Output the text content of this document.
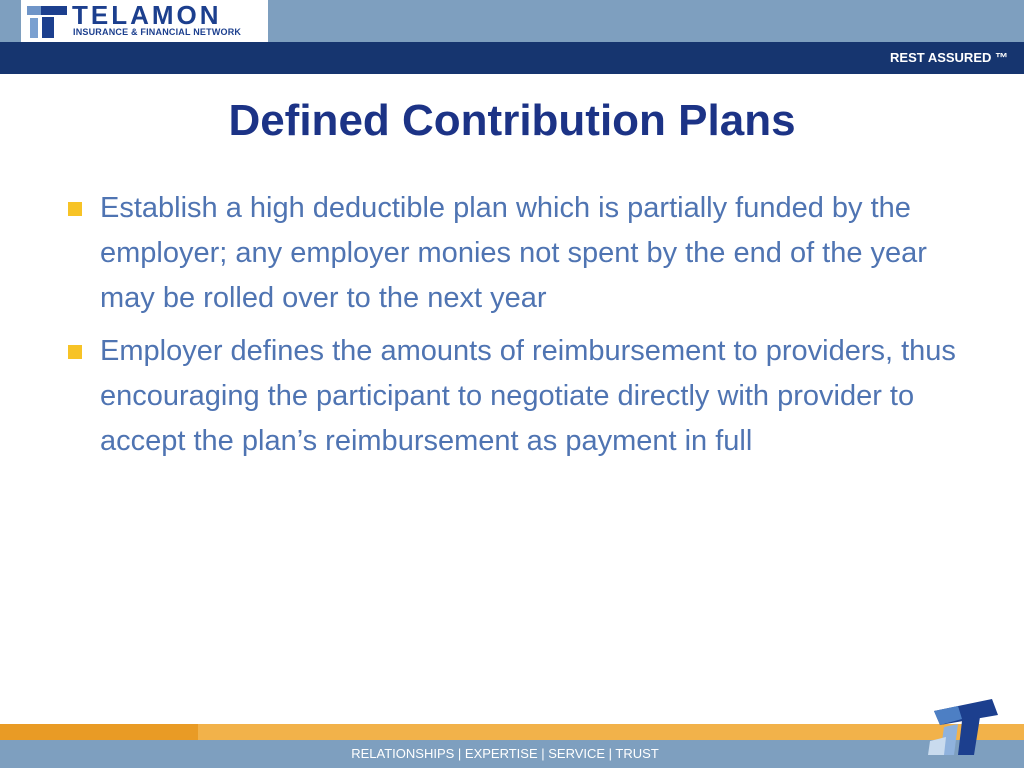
TELAMON
INSURANCE & FINANCIAL NETWORK
REST ASSURED ™
Defined Contribution Plans
Establish a high deductible plan which is partially funded by the employer; any employer monies not spent by the end of the year may be rolled over to the next year
Employer defines the amounts of reimbursement to providers, thus encouraging the participant to negotiate directly with provider to accept the plan’s reimbursement as payment in full
RELATIONSHIPS | EXPERTISE | SERVICE | TRUST
